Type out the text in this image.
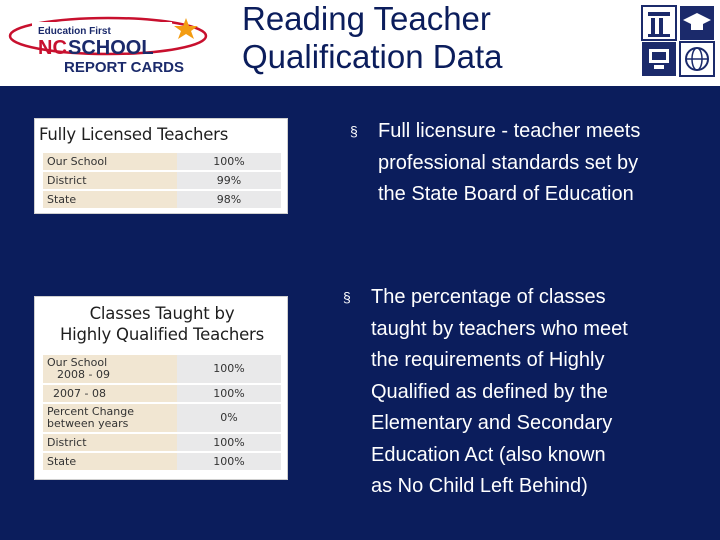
Education First
NC SCHOOL
REPORT CARDS
Reading Teacher
Qualification Data
Fully Licensed Teachers
Our School	100%
District	99%
State	98%
Classes Taught by
Highly Qualified Teachers
Our School
2008 - 09	100%
2007 - 08	100%

Percent Change
between years	0%
District	100%
State	100%
§ Full licensure - teacher meets
professional standards set by
the State Board of Education
§ The percentage of classes
taught by teachers who meet
the requirements of Highly
Qualified as defined by the
Elementary and Secondary
Education Act (also known
as No Child Left Behind)
